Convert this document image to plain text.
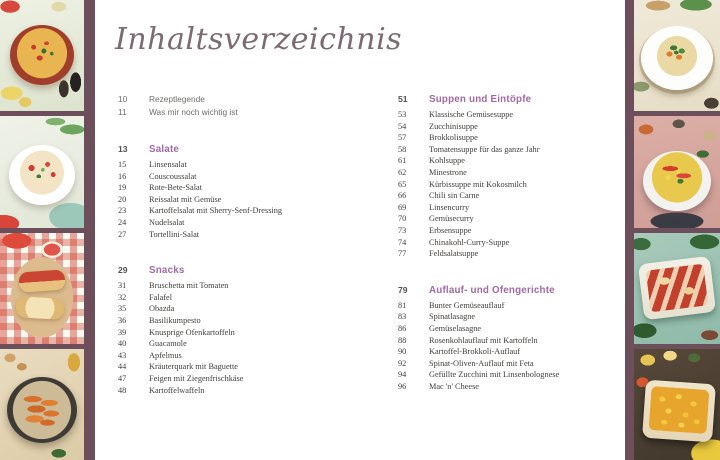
Inhaltsverzeichnis
10	Rezeptlegende
11	Was mir noch wichtig ist
13	Salate
15	Linsensalat
16	Couscoussalat
19	Rote-Bete-Salat
20	Reissalat mit Gemüse
23	Kartoffelsalat mit Sherry-Senf-Dressing
24	Nudelsalat
27	Tortellini-Salat
29	Snacks
31	Bruschetta mit Tomaten
32	Falafel
35	Obazda
36	Basilikumpesto
39	Knusprige Ofenkartoffeln
40	Guacamole
43	Apfelmus
44	Kräuterquark mit Baguette
47	Feigen mit Ziegenfrischkäse
48	Kartoffelwaffeln
51	Suppen und Eintöpfe
53	Klassische Gemüsesuppe
54	Zucchinisuppe
57	Brokkolisuppe
58	Tomatensuppe für das ganze Jahr
61	Kohlsuppe
62	Minestrone
65	Kürbissuppe mit Kokosmilch
66	Chili sin Carne
69	Linsencurry
70	Gemüsecurry
73	Erbsensuppe
74	Chinakohl-Curry-Suppe
77	Feldsalatsuppe
79	Auflauf- und Ofengerichte
81	Bunter Gemüseauflauf
83	Spinatlasagne
86	Gemüselasagne
88	Rosenkohlauflauf mit Kartoffeln
90	Kartoffel-Brokkoli-Auflauf
92	Spinat-Oliven-Auflauf mit Feta
94	Gefüllte Zucchini mit Linsenbolognese
96	Mac 'n' Cheese
